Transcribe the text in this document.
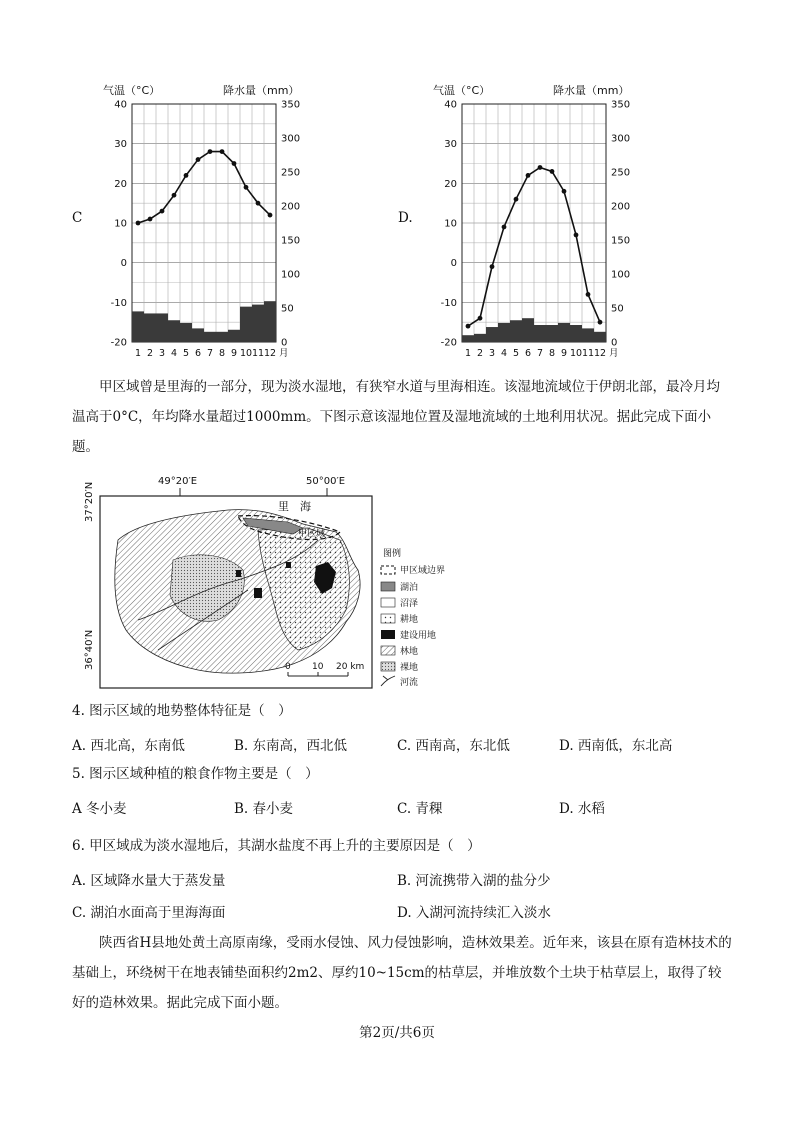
气温（°C）	降水量（mm）
40
30
20
10
0
-10
-20
350
300
250
200
150
100
50
0
1 2 3 4 5 6 7 8 9 10 11 12 月
C
气温（°C）	降水量（mm）
40
30
20
10
0
-10
-20
350
300
250
200
150
100
50
0
1 2 3 4 5 6 7 8 9 10 11 12 月
D.
甲区域曾是里海的一部分，现为淡水湿地，有狭窄水道与里海相连。该湿地流域位于伊朗北部，最冷月均温高于0°C，年均降水量超过1000mm。下图示意该湿地位置及湿地流域的土地利用状况。据此完成下面小题。
49°20′E	50°00′E
37°20′N
36°40′N
里　海
甲区域
0 10 20 km
图例
甲区域边界
湖泊
沼泽
耕地
建设用地
林地
裸地
河流
4. 图示区域的地势整体特征是（　）
A. 西北高，东南低	B. 东南高，西北低	C. 西南高，东北低	D. 西南低，东北高
5. 图示区域种植的粮食作物主要是（　）
A 冬小麦	B. 春小麦	C. 青稞	D. 水稻
6. 甲区域成为淡水湿地后，其湖水盐度不再上升的主要原因是（　）
A. 区域降水量大于蒸发量	B. 河流携带入湖的盐分少
C. 湖泊水面高于里海海面	D. 入湖河流持续汇入淡水
陕西省H县地处黄土高原南缘，受雨水侵蚀、风力侵蚀影响，造林效果差。近年来，该县在原有造林技术的基础上，环绕树干在地表铺垫面积约2m2、厚约10~15cm的枯草层，并堆放数个土块于枯草层上，取得了较好的造林效果。据此完成下面小题。
第2页/共6页
